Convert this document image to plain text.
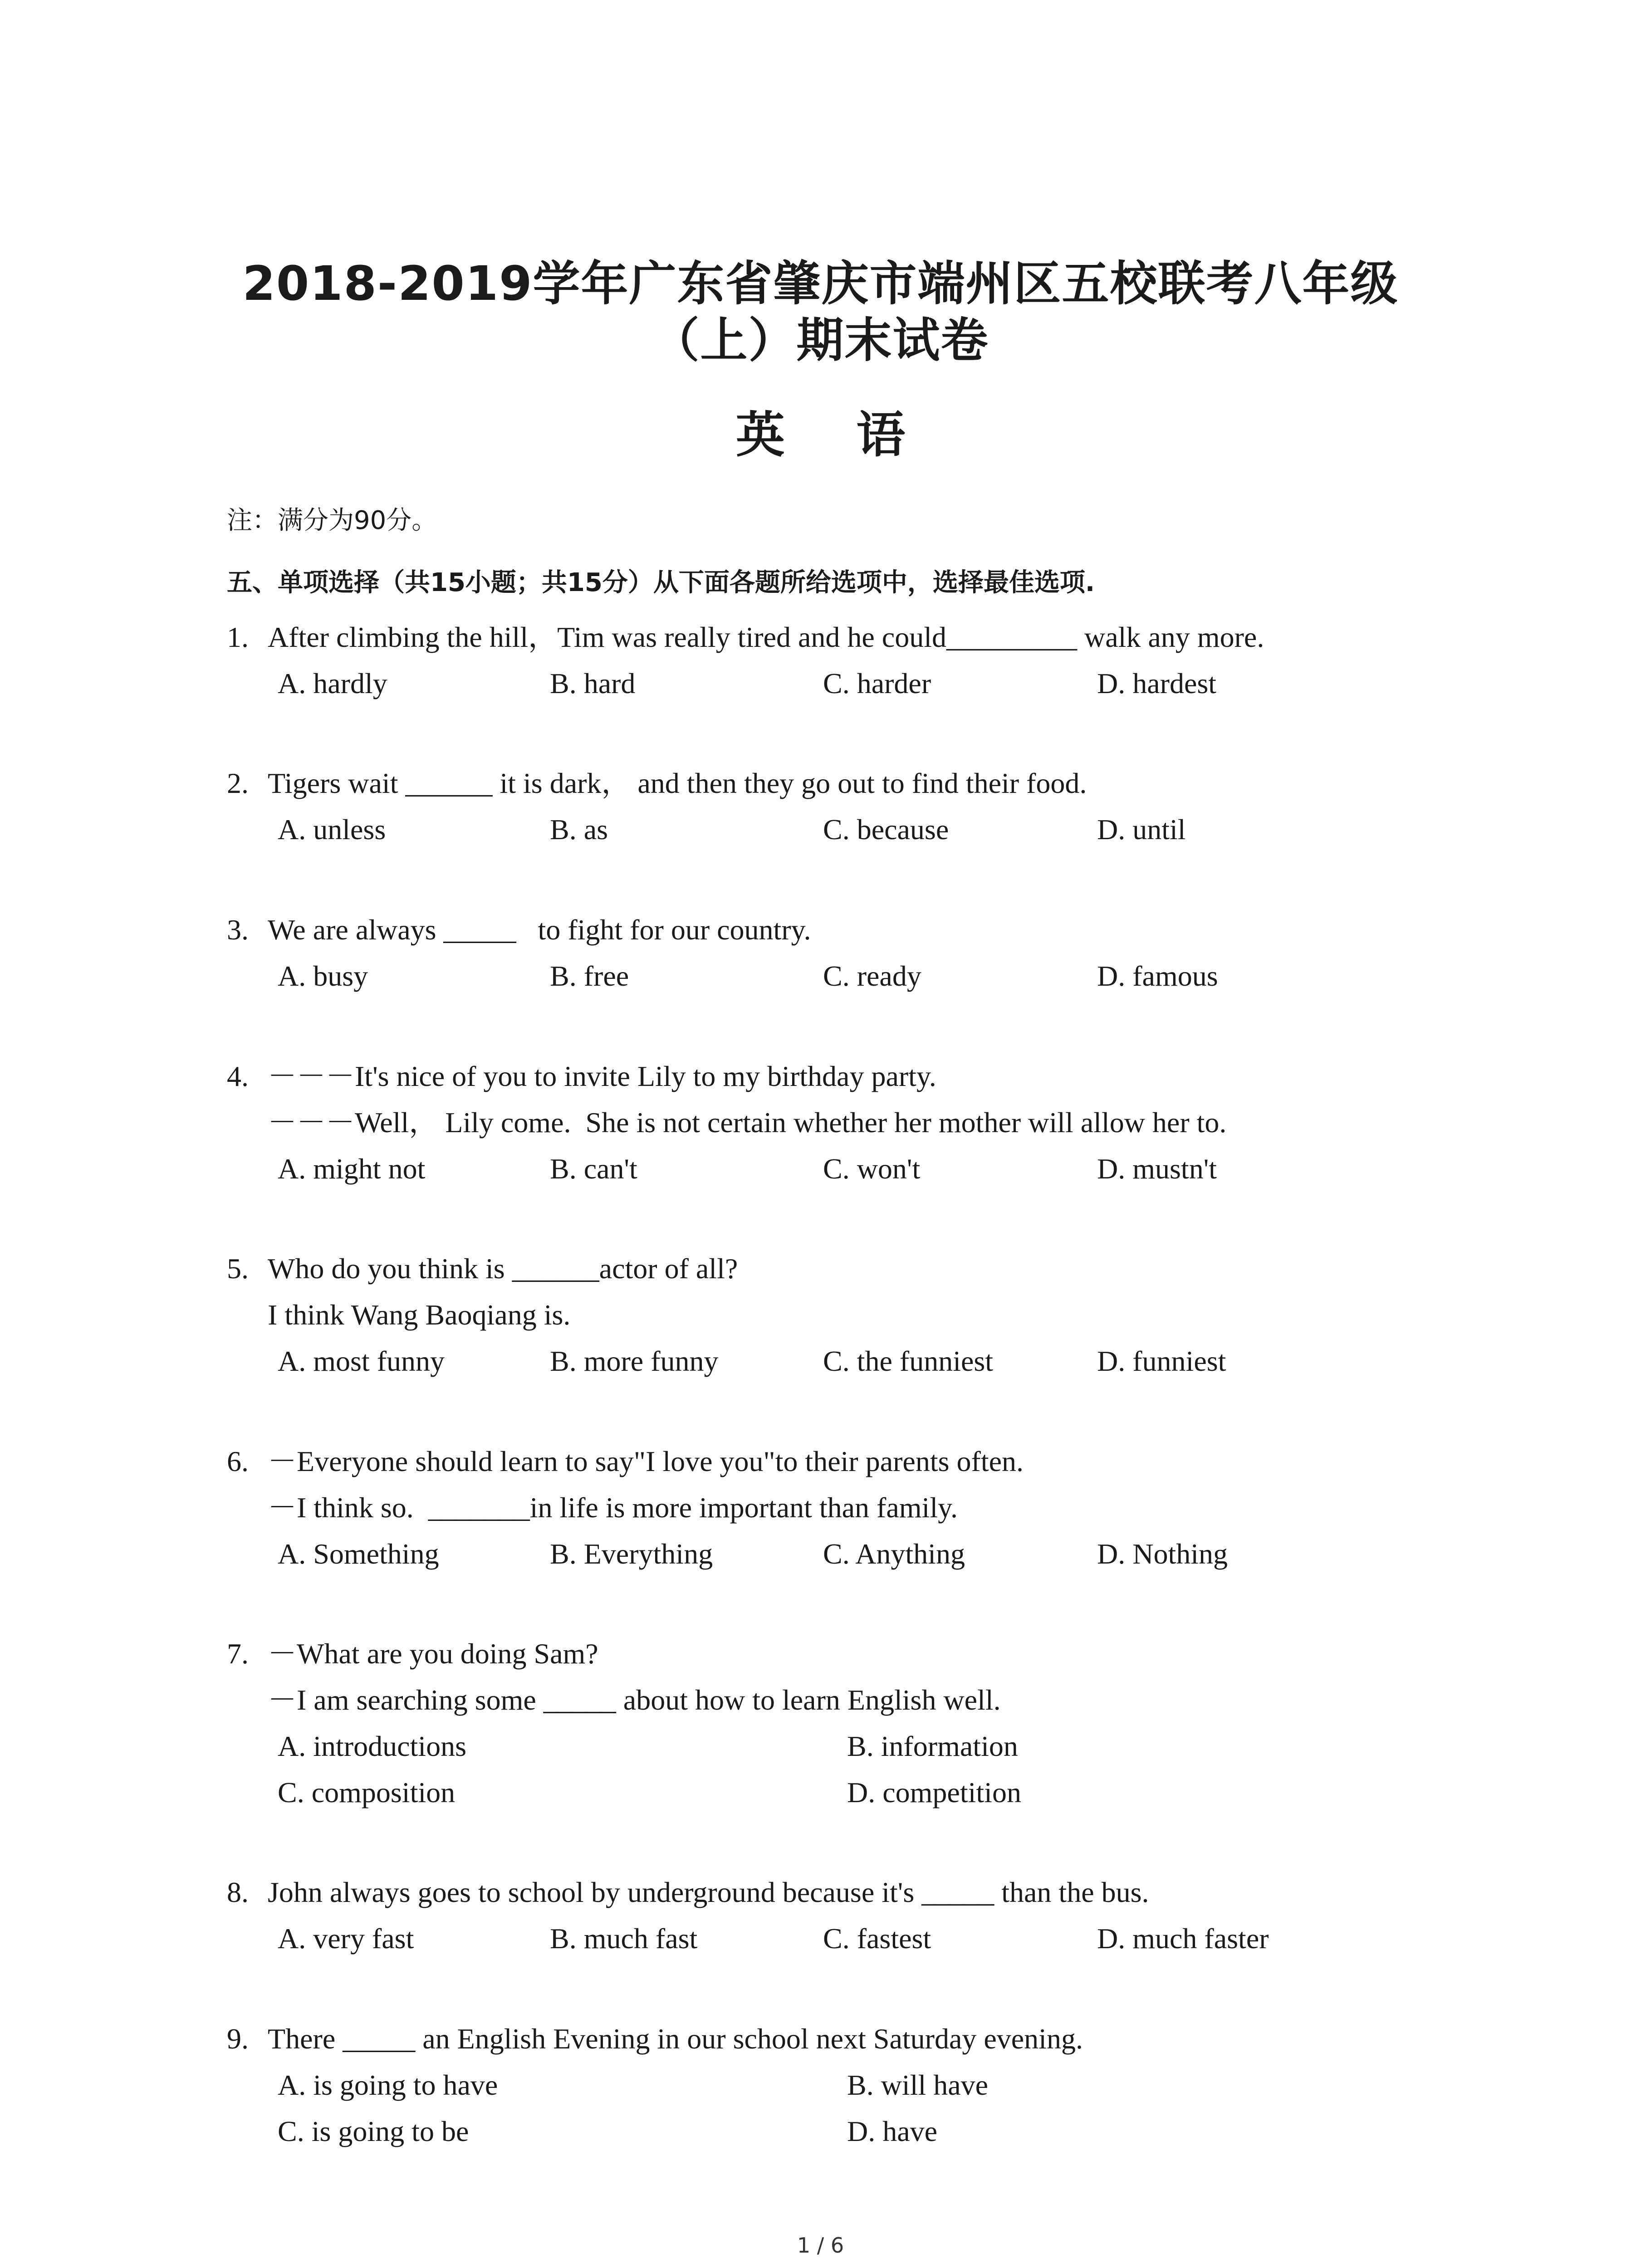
2018-2019学年广东省肇庆市端州区五校联考八年级
（上）期末试卷
英 语
注：满分为90分。
五、单项选择（共15小题；共15分）从下面各题所给选项中，选择最佳选项.
1. After climbing the hill，Tim was really tired and he could_________ walk any more.
A. hardly	B. hard	C. harder	D. hardest
2. Tigers wait ______ it is dark， and then they go out to find their food.
A. unless	B. as	C. because	D. until
3. We are always _____   to fight for our country.
A. busy	B. free	C. ready	D. famous
4. －－－It's nice of you to invite Lily to my birthday party.
－－－Well， Lily come.  She is not certain whether her mother will allow her to.
A. might not	B. can't	C. won't	D. mustn't
5. Who do you think is ______actor of all?
I think Wang Baoqiang is.
A. most funny	B. more funny	C. the funniest	D. funniest
6. －Everyone should learn to say"I love you"to their parents often.
－I think so.  _______in life is more important than family.
A. Something	B. Everything	C. Anything	D. Nothing
7. －What are you doing Sam?
－I am searching some _____ about how to learn English well.
A. introductions	B. information
C. composition	D. competition
8. John always goes to school by underground because it's _____ than the bus.
A. very fast	B. much fast	C. fastest	D. much faster
9. There _____ an English Evening in our school next Saturday evening.
A. is going to have	B. will have
C. is going to be	D. have
1 / 6
